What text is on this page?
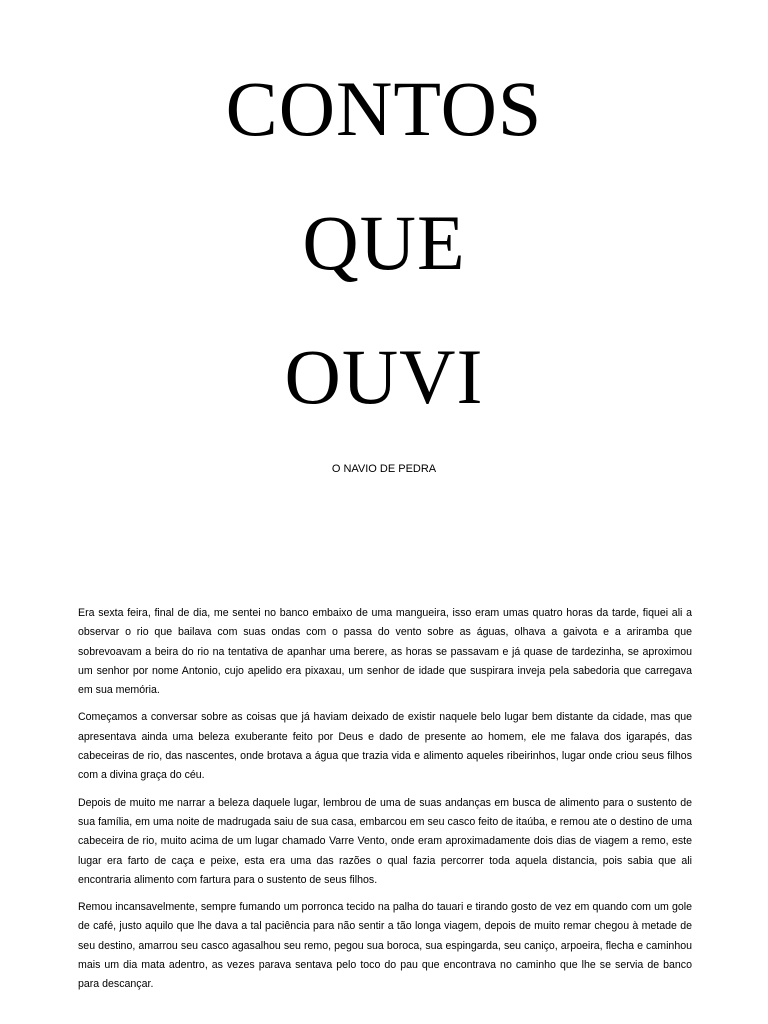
CONTOS
QUE
OUVI
O NAVIO DE PEDRA

Era sexta feira, final de dia, me sentei no banco embaixo de uma mangueira, isso eram umas quatro horas da tarde, fiquei ali a observar o rio que bailava com suas ondas com o passa do vento sobre as águas, olhava a gaivota e a ariramba que sobrevoavam a beira do rio na tentativa de apanhar uma berere, as horas se passavam e já quase de tardezinha, se aproximou um senhor por nome Antonio, cujo apelido era pixaxau, um senhor de idade que suspirara inveja pela sabedoria que carregava em sua memória.

Começamos a conversar sobre as coisas que já haviam deixado de existir naquele belo lugar bem distante da cidade, mas que apresentava ainda uma beleza exuberante feito por Deus e dado de presente ao homem, ele me falava dos igarapés, das cabeceiras de rio, das nascentes, onde brotava a água que trazia vida e alimento aqueles ribeirinhos, lugar onde criou seus filhos com a divina graça do céu.

Depois de muito me narrar a beleza daquele lugar, lembrou de uma de suas andanças em busca de alimento para o sustento de sua família, em uma noite de madrugada saiu de sua casa, embarcou em seu casco feito de itaúba, e remou ate o destino de uma cabeceira de rio, muito acima de um lugar chamado Varre Vento, onde eram aproximadamente dois dias de viagem a remo, este lugar era farto de caça e peixe, esta era uma das razões o qual fazia percorrer toda aquela distancia, pois sabia que ali encontraria alimento com fartura para o sustento de seus filhos.

Remou incansavelmente, sempre fumando um porronca tecido na palha do tauari e tirando gosto de vez em quando com um gole de café, justo aquilo que lhe dava a tal paciência para não sentir a tão longa viagem, depois de muito remar chegou à metade de seu destino, amarrou seu casco agasalhou seu remo, pegou sua boroca, sua espingarda, seu caniço, arpoeira, flecha e caminhou mais um dia mata adentro, as vezes parava sentava pelo toco do pau que encontrava no caminho que lhe se servia de banco para descançar.
